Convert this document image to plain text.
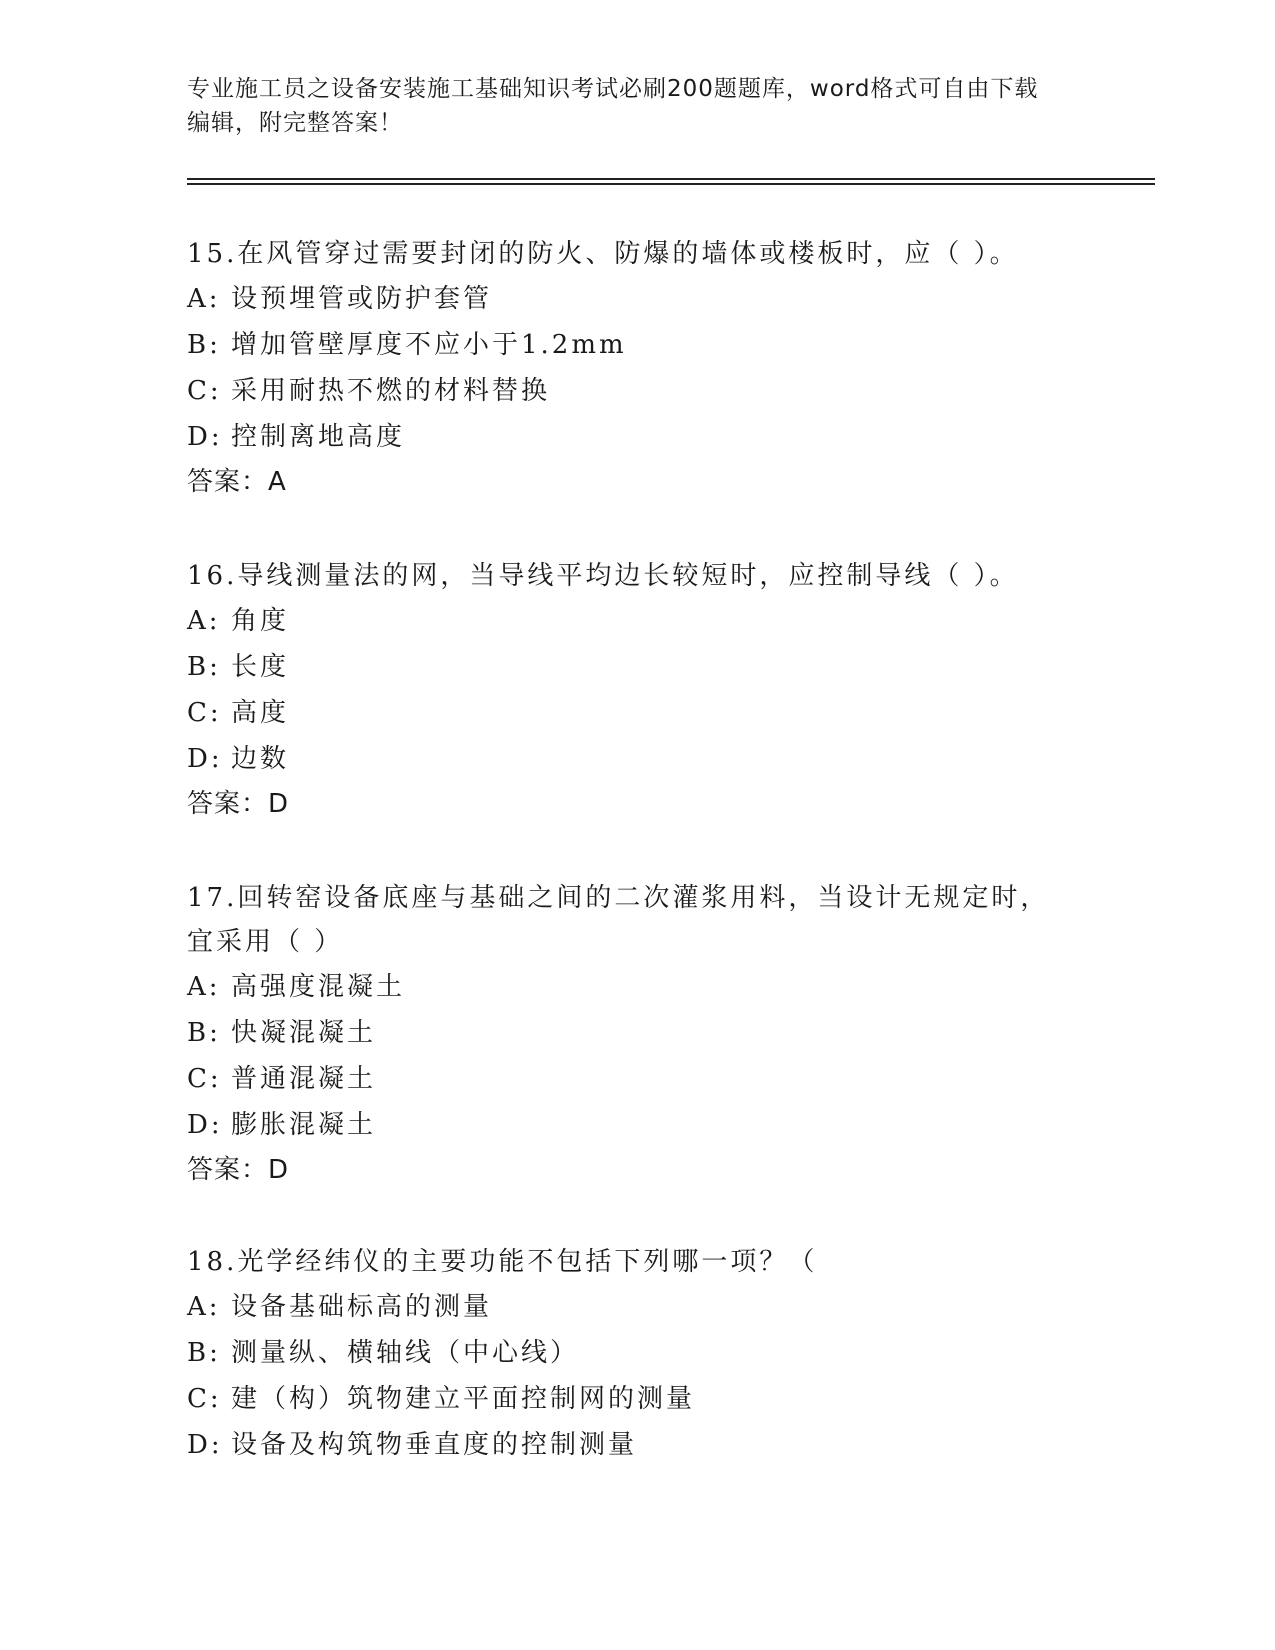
专业施工员之设备安装施工基础知识考试必刷200题题库，word格式可自由下载
编辑，附完整答案！
15.在风管穿过需要封闭的防火、防爆的墙体或楼板时，应（ ）。
A: 设预埋管或防护套管
B: 增加管壁厚度不应小于1.2mm
C: 采用耐热不燃的材料替换
D: 控制离地高度
答案：A
16.导线测量法的网，当导线平均边长较短时，应控制导线（ ）。
A: 角度
B: 长度
C: 高度
D: 边数
答案：D
17.回转窑设备底座与基础之间的二次灌浆用料，当设计无规定时，宜采用（ ）
A: 高强度混凝土
B: 快凝混凝土
C: 普通混凝土
D: 膨胀混凝土
答案：D
18.光学经纬仪的主要功能不包括下列哪一项？（
A: 设备基础标高的测量
B: 测量纵、横轴线（中心线）
C: 建（构）筑物建立平面控制网的测量
D: 设备及构筑物垂直度的控制测量
